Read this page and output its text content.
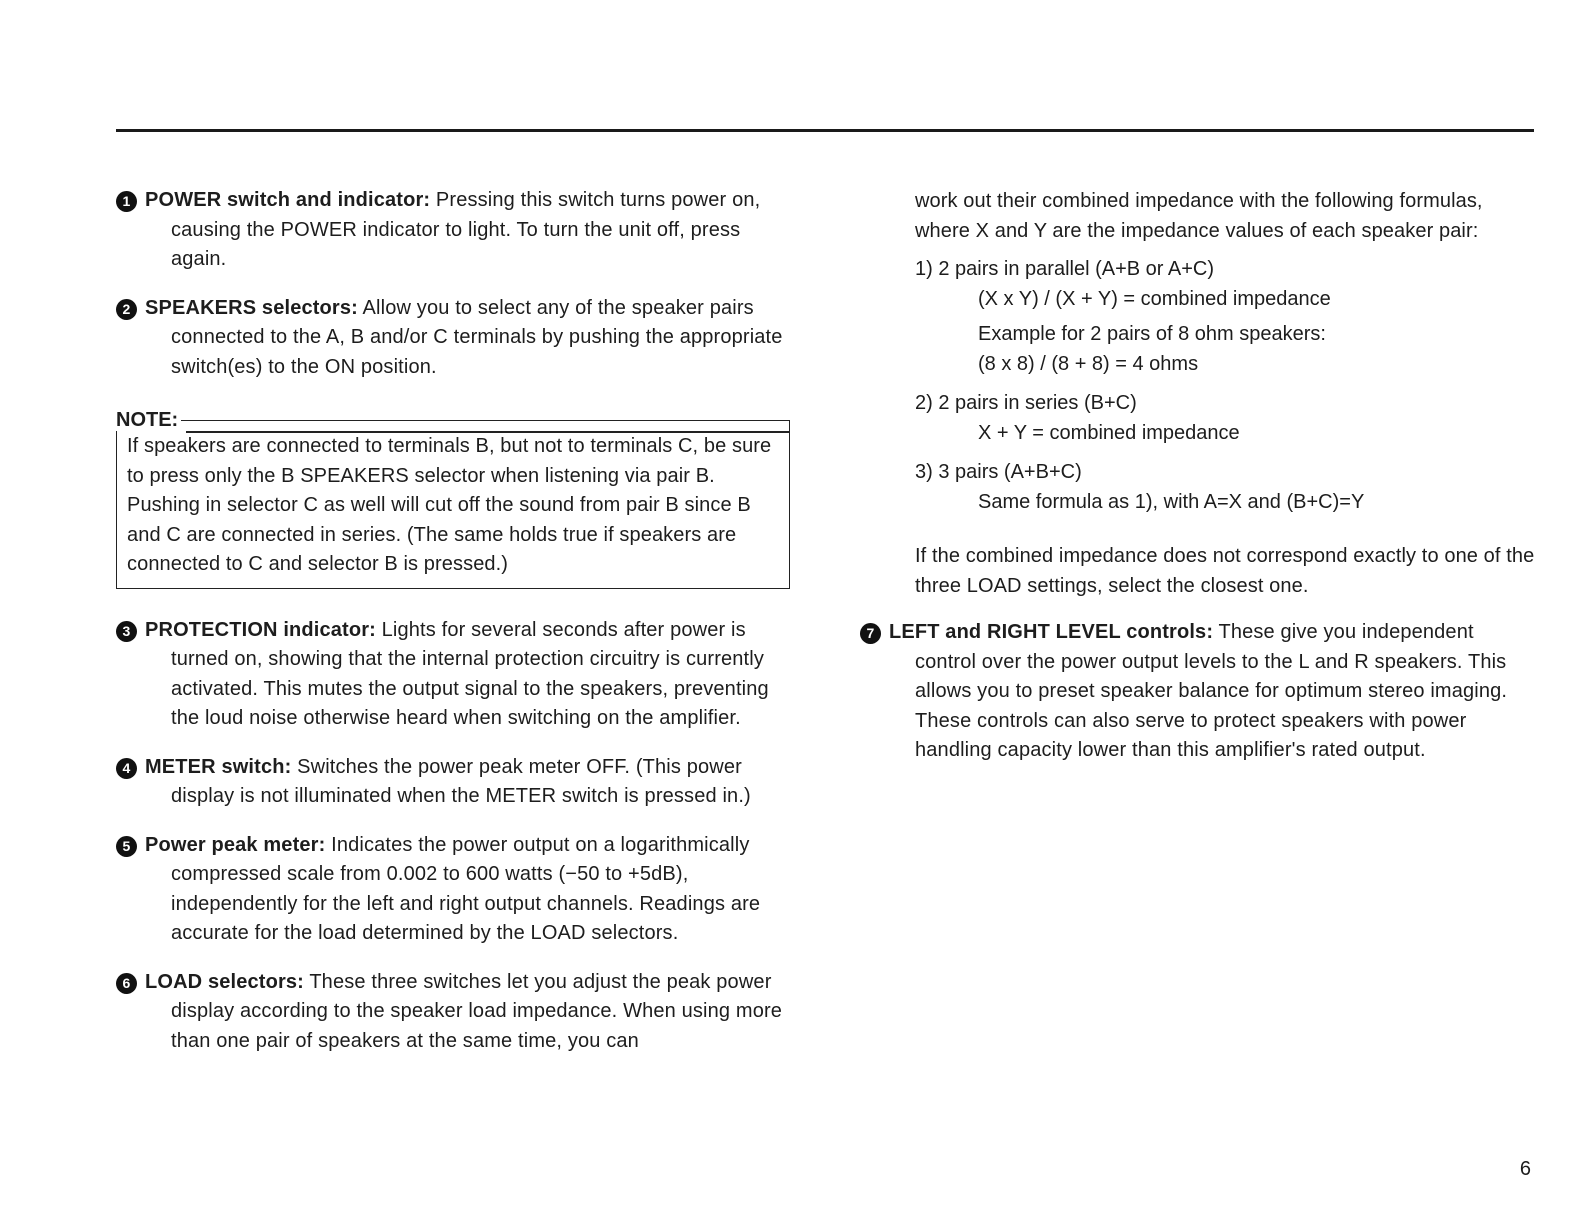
1 POWER switch and indicator: Pressing this switch turns power on, causing the POWER indicator to light. To turn the unit off, press again.

2 SPEAKERS selectors: Allow you to select any of the speaker pairs connected to the A, B and/or C terminals by pushing the appropriate switch(es) to the ON position.

NOTE:
If speakers are connected to terminals B, but not to terminals C, be sure to press only the B SPEAKERS selector when listening via pair B. Pushing in selector C as well will cut off the sound from pair B since B and C are connected in series. (The same holds true if speakers are connected to C and selector B is pressed.)
3 PROTECTION indicator: Lights for several seconds after power is turned on, showing that the internal protection circuitry is currently activated. This mutes the output signal to the speakers, preventing the loud noise otherwise heard when switching on the amplifier.

4 METER switch: Switches the power peak meter OFF. (This power display is not illuminated when the METER switch is pressed in.)

5 Power peak meter: Indicates the power output on a logarithmically compressed scale from 0.002 to 600 watts (−50 to +5dB), independently for the left and right output channels. Readings are accurate for the load determined by the LOAD selectors.

6 LOAD selectors: These three switches let you adjust the peak power display according to the speaker load impedance. When using more than one pair of speakers at the same time, you can

work out their combined impedance with the following formulas, where X and Y are the impedance values of each speaker pair:

1) 2 pairs in parallel (A+B or A+C)
(X x Y) / (X + Y) = combined impedance
Example for 2 pairs of 8 ohm speakers:
(8 x 8) / (8 + 8) = 4 ohms
2) 2 pairs in series (B+C)
X + Y = combined impedance
3) 3 pairs (A+B+C)
Same formula as 1), with A=X and (B+C)=Y

If the combined impedance does not correspond exactly to one of the three LOAD settings, select the closest one.

7 LEFT and RIGHT LEVEL controls: These give you independent control over the power output levels to the L and R speakers. This allows you to preset speaker balance for optimum stereo imaging. These controls can also serve to protect speakers with power handling capacity lower than this amplifier's rated output.

6
